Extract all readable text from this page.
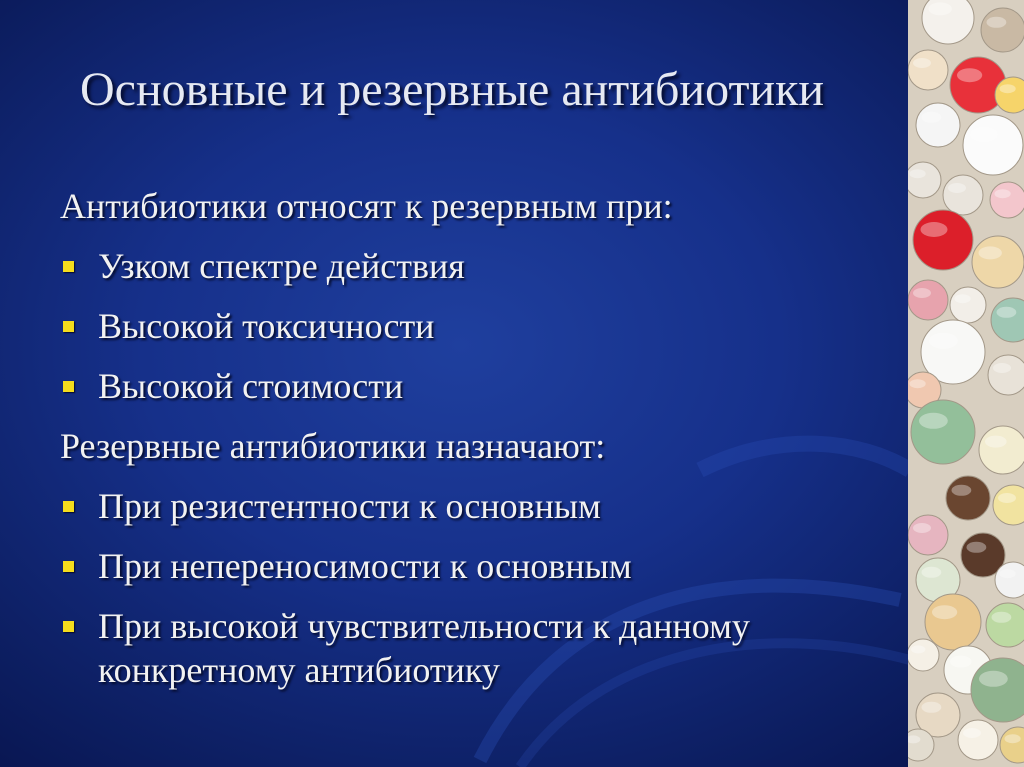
Основные и резервные антибиотики
Антибиотики относят к резервным при:
Узком спектре действия
Высокой токсичности
Высокой стоимости
Резервные антибиотики назначают:
При резистентности к основным
При непереносимости к основным
При высокой чувствительности к данному конкретному антибиотику
